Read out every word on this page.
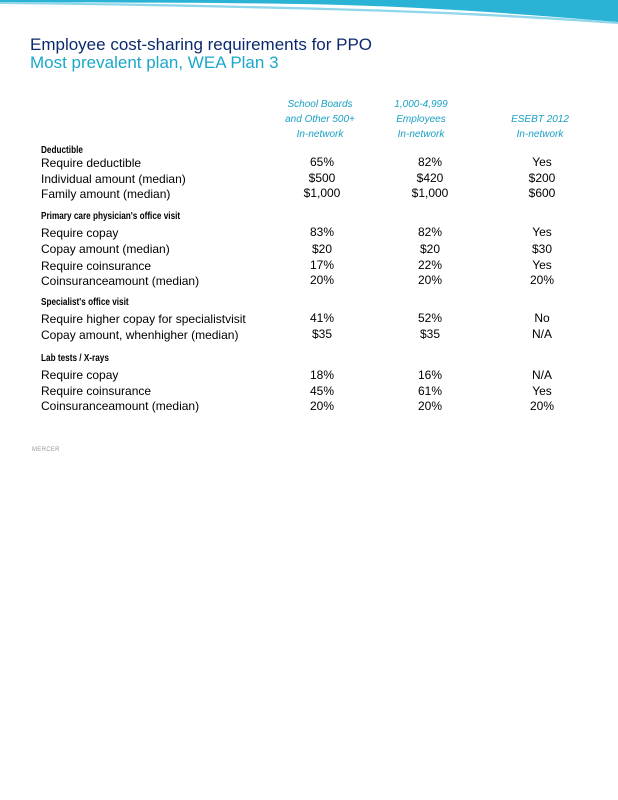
Employee cost-sharing requirements for PPO
Most prevalent plan, WEA Plan 3
School Boards
and Other 500+
In-network
1,000-4,999
Employees
In-network
ESEBT 2012
In-network
Deductible
Require deductible	65%	82%	Yes
Individual amount (median)	$500	$420	$200
Family amount (median)	$1,000	$1,000	$600
Primary care physician's office visit
Require copay	83%	82%	Yes
Copay amount (median)	$20	$20	$30
Require coinsurance	17%	22%	Yes
Coinsuranceamount (median)	20%	20%	20%
Specialist's office visit
Require higher copay for specialistvisit	41%	52%	No
Copay amount, whenhigher (median)	$35	$35	N/A
Lab tests / X-rays
Require copay	18%	16%	N/A
Require coinsurance	45%	61%	Yes
Coinsuranceamount (median)	20%	20%	20%
MERCER
